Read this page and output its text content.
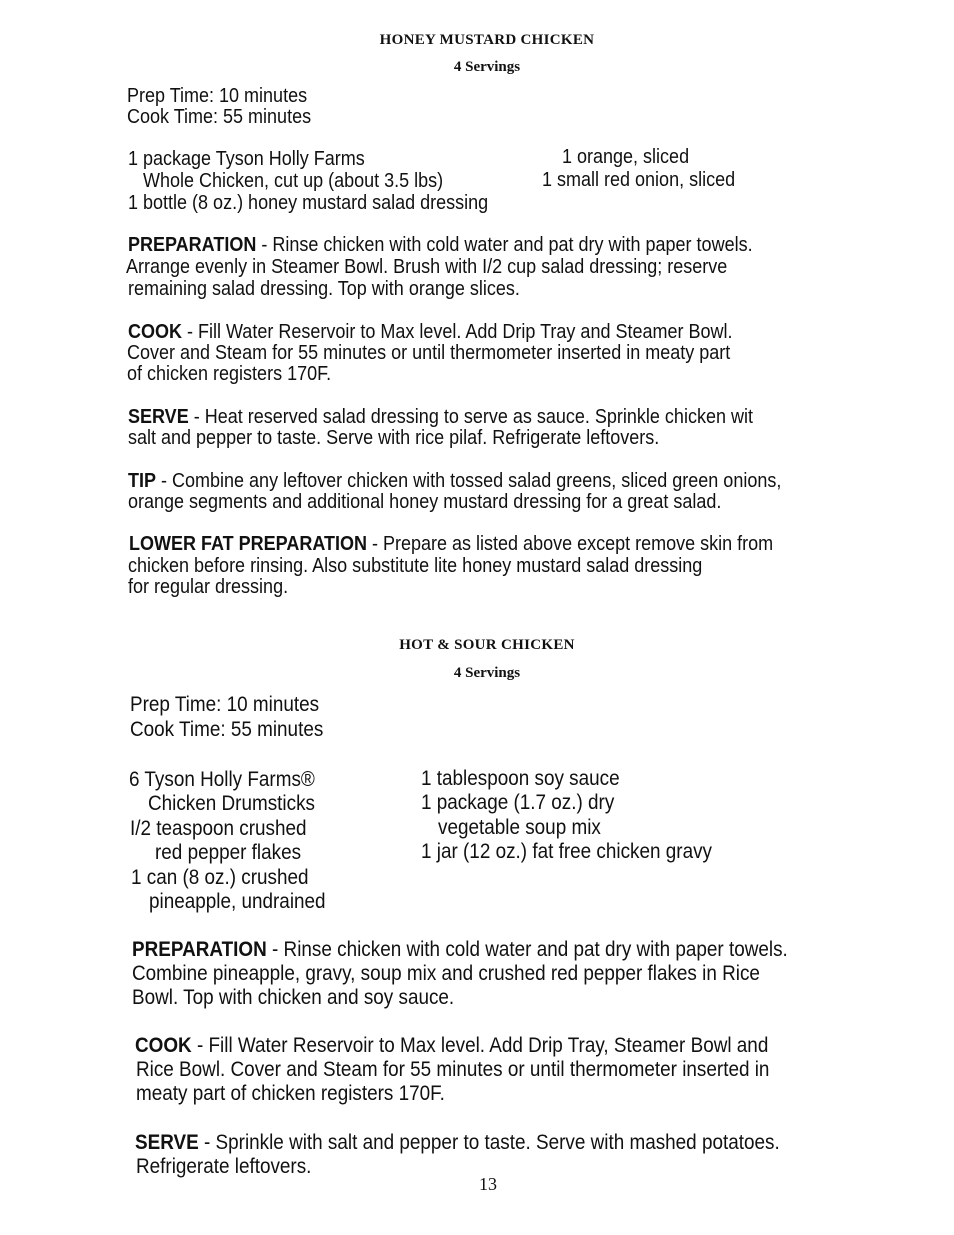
HONEY MUSTARD CHICKEN
4 Servings
Prep Time: 10 minutes
Cook Time: 55 minutes
1 package Tyson Holly Farms
Whole Chicken, cut up (about 3.5 lbs)
1 bottle (8 oz.) honey mustard salad dressing
1 orange, sliced
1 small red onion, sliced
PREPARATION - Rinse chicken with cold water and pat dry with paper towels.
Arrange evenly in Steamer Bowl. Brush with I/2 cup salad dressing; reserve
remaining salad dressing. Top with orange slices.
COOK - Fill Water Reservoir to Max level. Add Drip Tray and Steamer Bowl.
Cover and Steam for 55 minutes or until thermometer inserted in meaty part
of chicken registers 170F.
SERVE - Heat reserved salad dressing to serve as sauce. Sprinkle chicken wit
salt and pepper to taste. Serve with rice pilaf. Refrigerate leftovers.
TIP - Combine any leftover chicken with tossed salad greens, sliced green onions,
orange segments and additional honey mustard dressing for a great salad.
LOWER FAT PREPARATION - Prepare as listed above except remove skin from
chicken before rinsing. Also substitute lite honey mustard salad dressing
for regular dressing.
HOT & SOUR CHICKEN
4 Servings
Prep Time: 10 minutes
Cook Time: 55 minutes
6 Tyson Holly Farms®
Chicken Drumsticks
I/2 teaspoon crushed
red pepper flakes
1 can (8 oz.) crushed
pineapple, undrained
1 tablespoon soy sauce
1 package (1.7 oz.) dry
vegetable soup mix
1 jar (12 oz.) fat free chicken gravy
PREPARATION - Rinse chicken with cold water and pat dry with paper towels.
Combine pineapple, gravy, soup mix and crushed red pepper flakes in Rice
Bowl. Top with chicken and soy sauce.
COOK - Fill Water Reservoir to Max level. Add Drip Tray, Steamer Bowl and
Rice Bowl. Cover and Steam for 55 minutes or until thermometer inserted in
meaty part of chicken registers 170F.
SERVE - Sprinkle with salt and pepper to taste. Serve with mashed potatoes.
Refrigerate leftovers.
13
